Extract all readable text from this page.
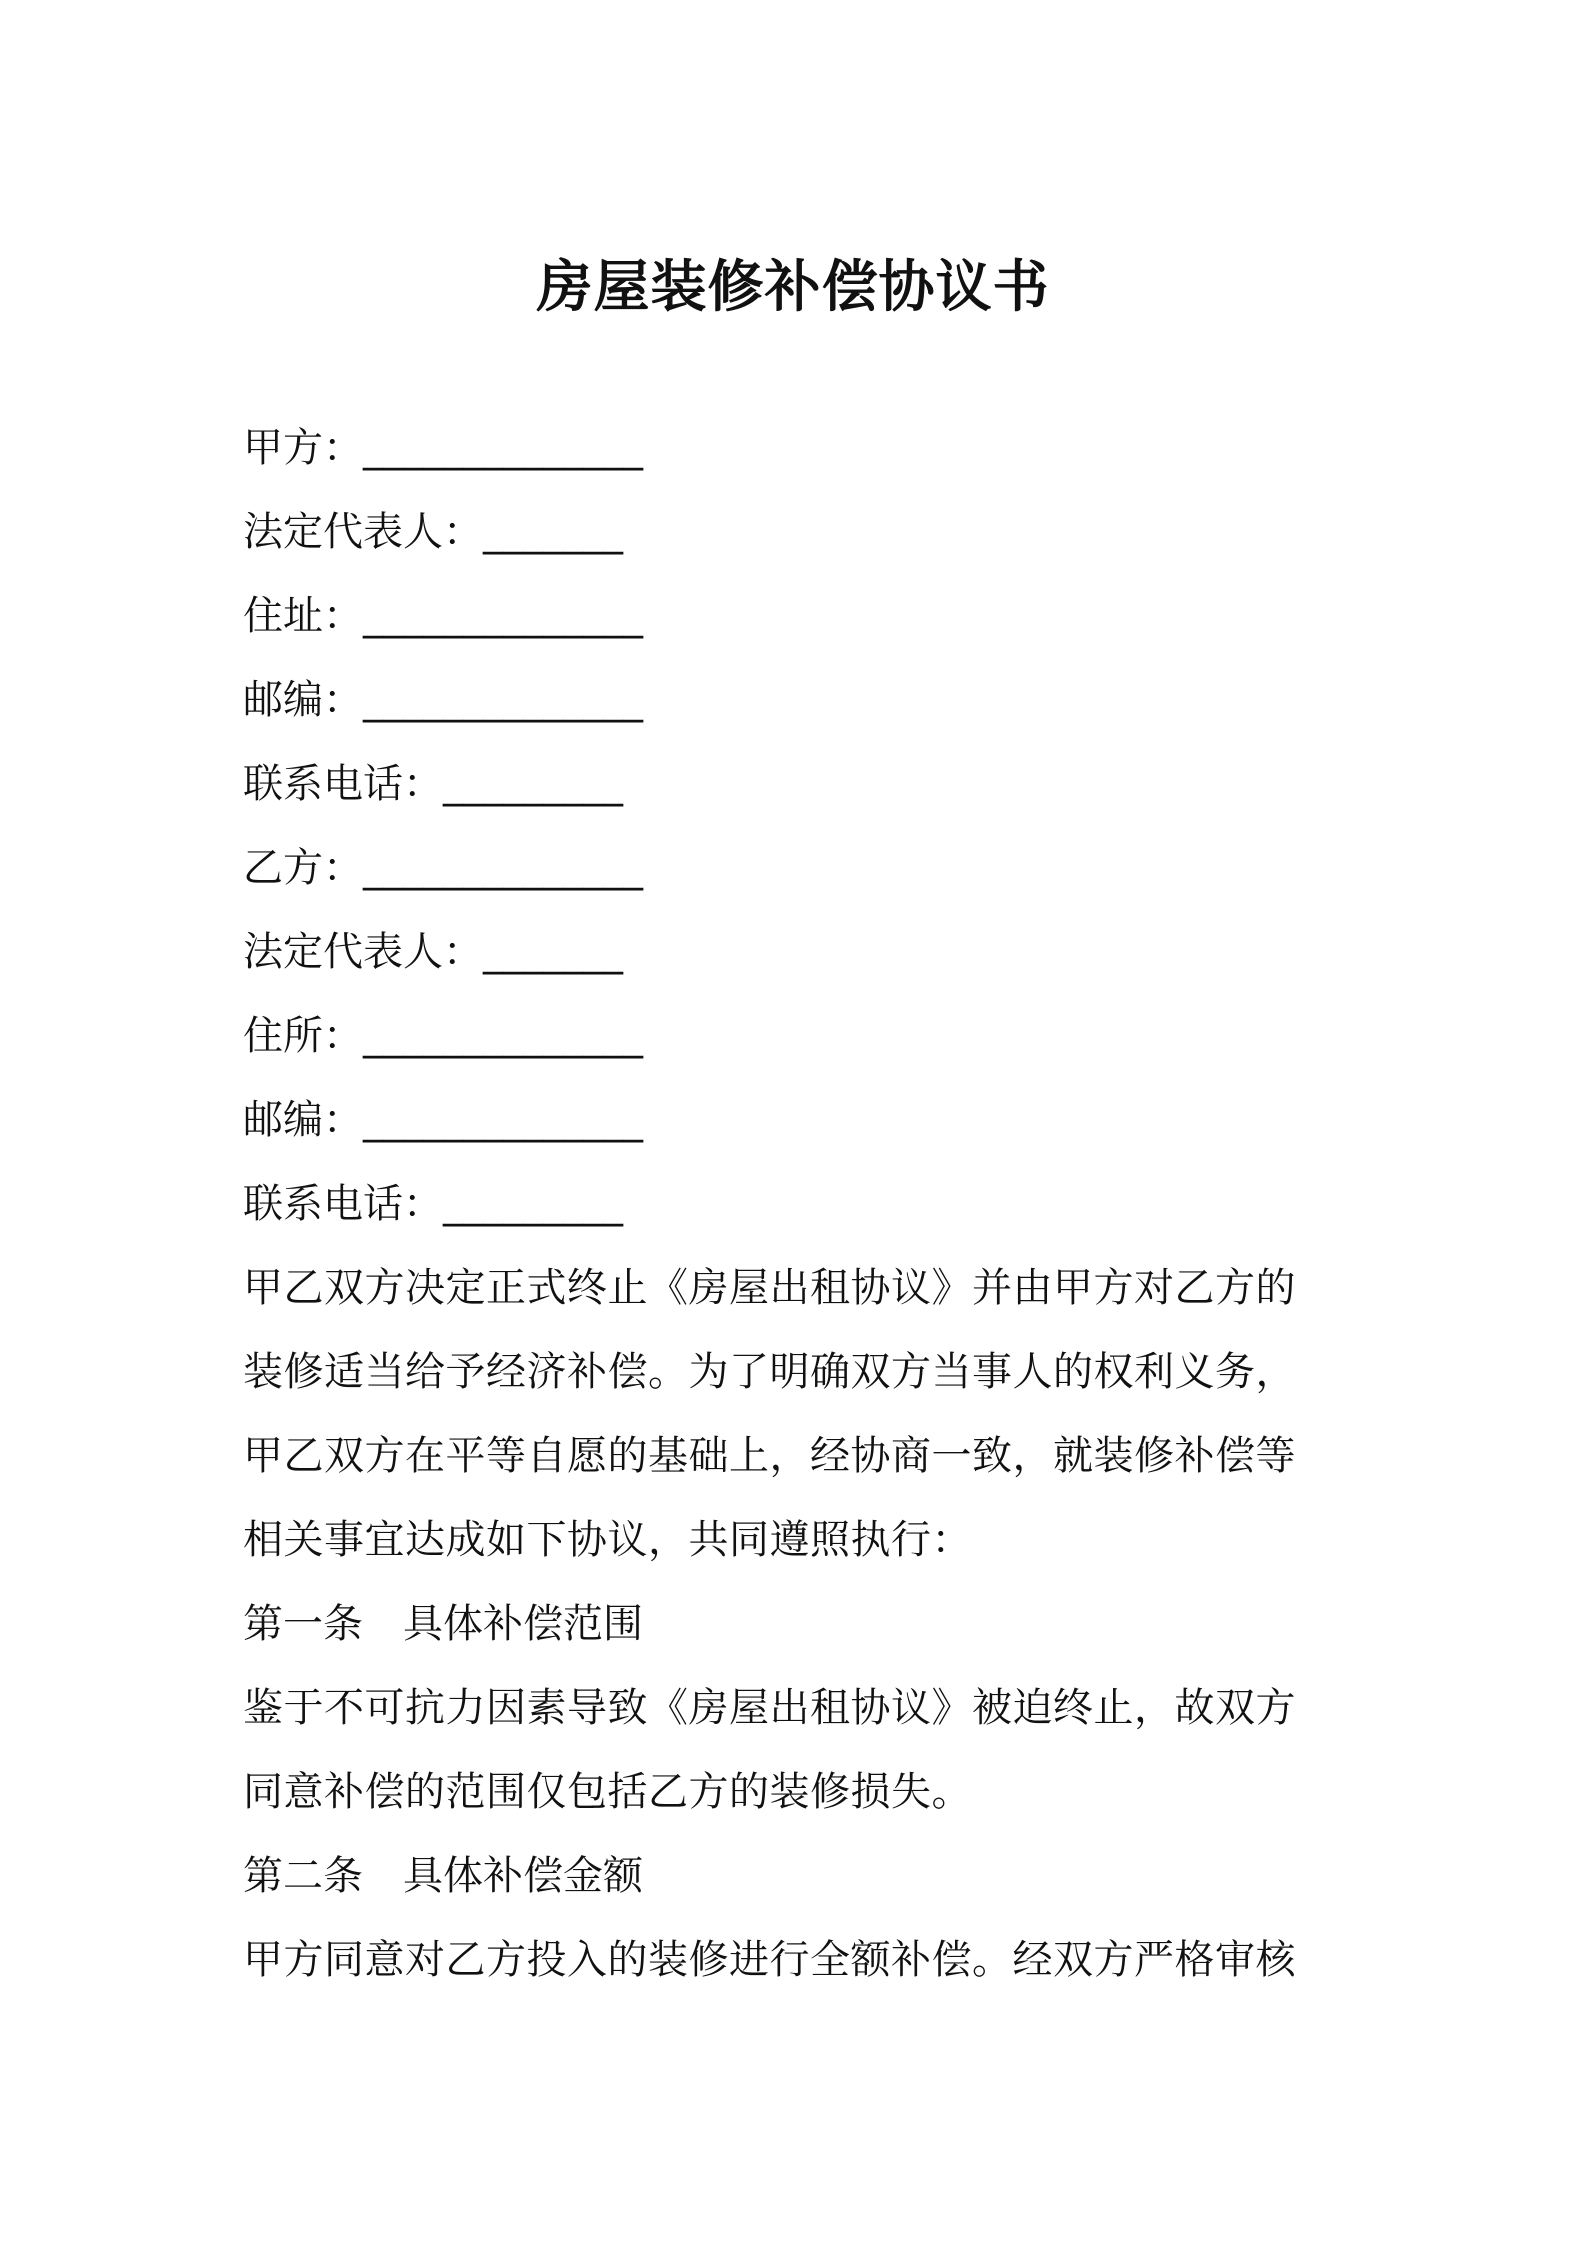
房屋装修补偿协议书
甲方：______________
法定代表人：_______
住址：______________
邮编：______________
联系电话：_________
乙方：______________
法定代表人：_______
住所：______________
邮编：______________
联系电话：_________
甲乙双方决定正式终止《房屋出租协议》并由甲方对乙方的
装修适当给予经济补偿。为了明确双方当事人的权利义务，
甲乙双方在平等自愿的基础上，经协商一致，就装修补偿等
相关事宜达成如下协议，共同遵照执行：
第一条　具体补偿范围
鉴于不可抗力因素导致《房屋出租协议》被迫终止，故双方
同意补偿的范围仅包括乙方的装修损失。
第二条　具体补偿金额
甲方同意对乙方投入的装修进行全额补偿。经双方严格审核
